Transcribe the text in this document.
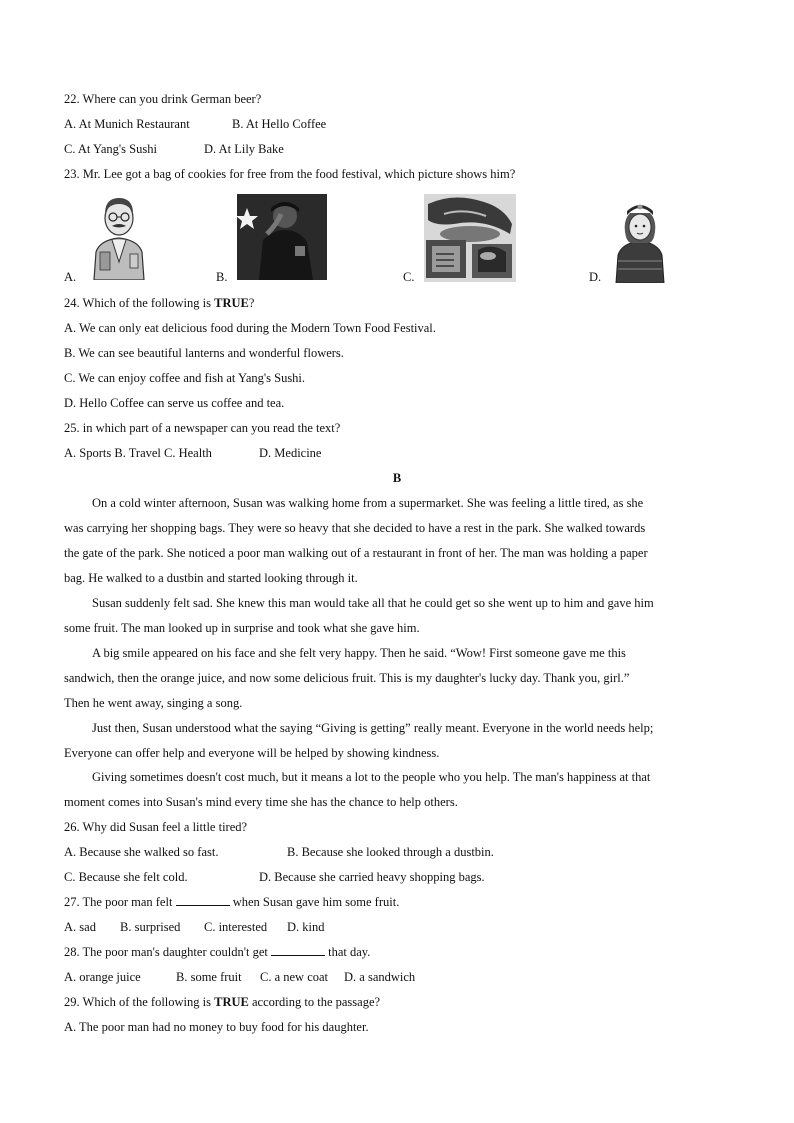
22. Where can you drink German beer?
A. At Munich Restaurant	B. At Hello Coffee
C. At Yang's Sushi	D. At Lily Bake
23. Mr. Lee got a bag of cookies for free from the food festival, which picture shows him?
A.	B.	C.	D.
24. Which of the following is TRUE?
A. We can only eat delicious food during the Modern Town Food Festival.
B. We can see beautiful lanterns and wonderful flowers.
C. We can enjoy coffee and fish at Yang's Sushi.
D. Hello Coffee can serve us coffee and tea.
25. in which part of a newspaper can you read the text?
A. Sports B. Travel C. Health	D. Medicine
B
On a cold winter afternoon, Susan was walking home from a supermarket. She was feeling a little tired, as she
was carrying her shopping bags. They were so heavy that she decided to have a rest in the park. She walked towards
the gate of the park. She noticed a poor man walking out of a restaurant in front of her. The man was holding a paper
bag. He walked to a dustbin and started looking through it.
Susan suddenly felt sad. She knew this man would take all that he could get so she went up to him and gave him
some fruit. The man looked up in surprise and took what she gave him.
A big smile appeared on his face and she felt very happy. Then he said. “Wow! First someone gave me this
sandwich, then the orange juice, and now some delicious fruit. This is my daughter's lucky day. Thank you, girl.”
Then he went away, singing a song.
Just then, Susan understood what the saying “Giving is getting” really meant. Everyone in the world needs help;
Everyone can offer help and everyone will be helped by showing kindness.
Giving sometimes doesn't cost much, but it means a lot to the people who you help. The man's happiness at that
moment comes into Susan's mind every time she has the chance to help others.
26. Why did Susan feel a little tired?
A. Because she walked so fast.	B. Because she looked through a dustbin.
C. Because she felt cold.	D. Because she carried heavy shopping bags.
27. The poor man felt	when Susan gave him some fruit.
A. sad B. surprised C. interested D. kind
28. The poor man's daughter couldn't get	that day.
A. orange juice	B. some fruit C. a new coat D. a sandwich
29. Which of the following is TRUE according to the passage?
A. The poor man had no money to buy food for his daughter.
